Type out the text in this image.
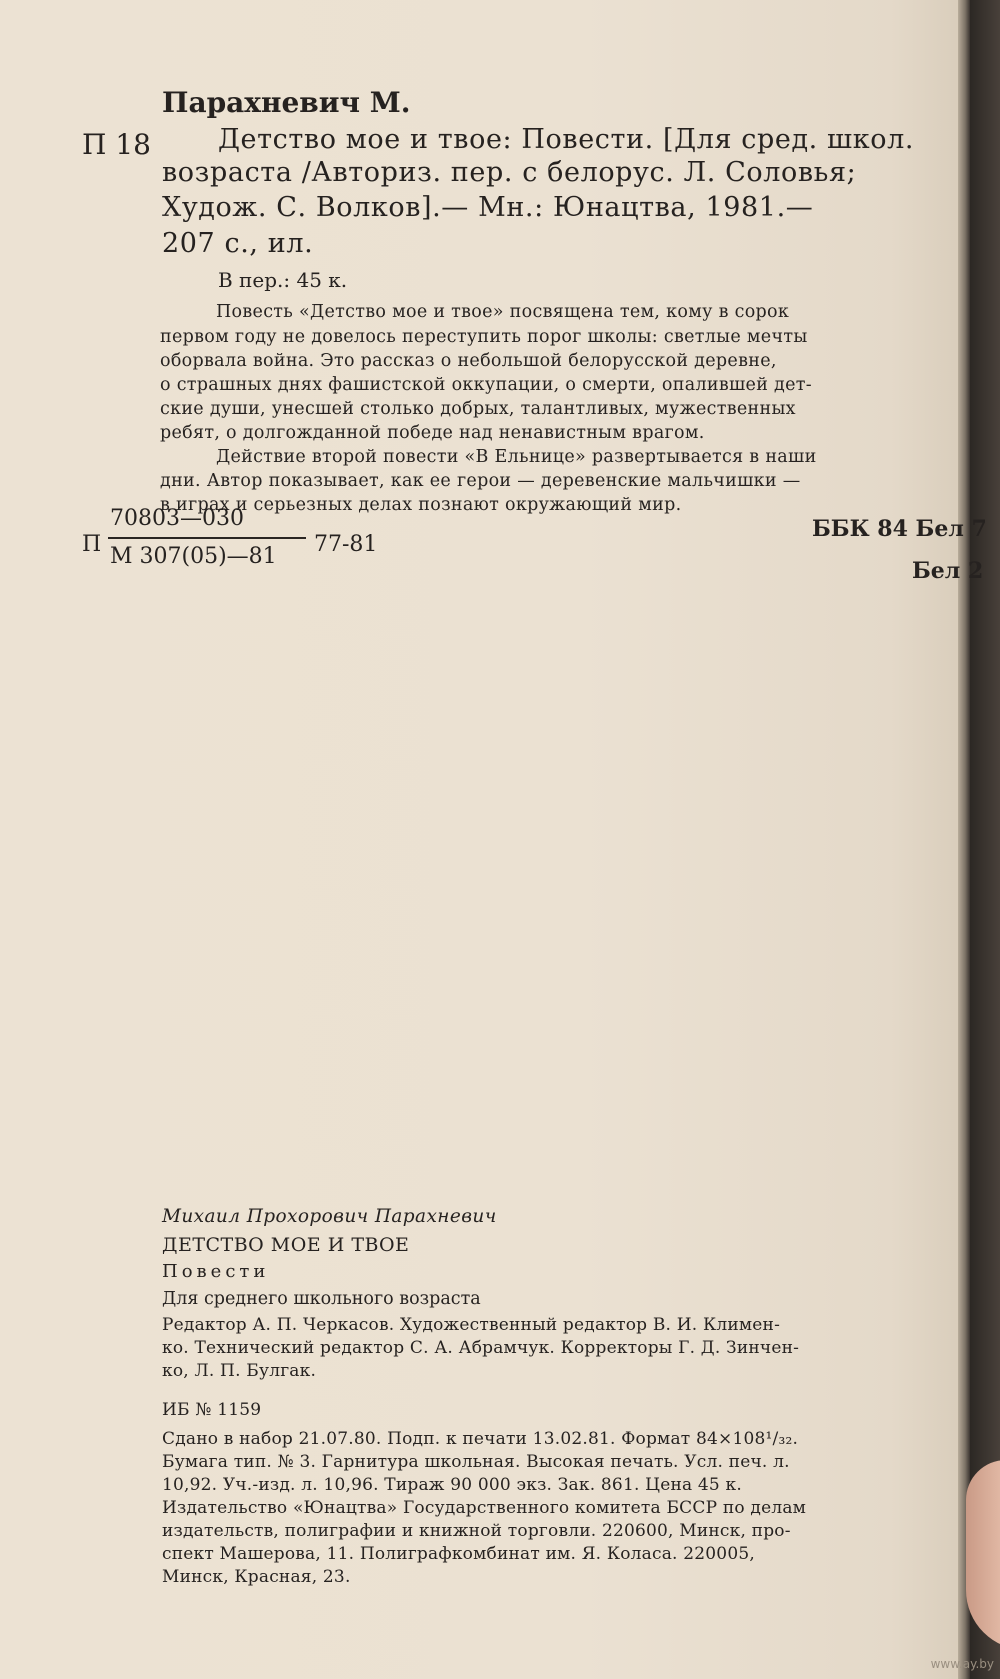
Парахневич М.
П 18 Детство мое и твое: Повести. [Для сред. школ.
возраста /Авториз. пер. с белорус. Л. Соловья;
Худож. С. Волков].— Мн.: Юнацтва, 1981.—
207 с., ил.
В пер.: 45 к.
Повесть «Детство мое и твое» посвящена тем, кому в сорок
первом году не довелось переступить порог школы: светлые мечты
оборвала война. Это рассказ о небольшой белорусской деревне,
о страшных днях фашистской оккупации, о смерти, опалившей дет-
ские души, унесшей столько добрых, талантливых, мужественных
ребят, о долгожданной победе над ненавистным врагом.
Действие второй повести «В Ельнице» развертывается в наши
дни. Автор показывает, как ее герои — деревенские мальчишки —
в играх и серьезных делах познают окружающий мир.
П
70803—030
М 307(05)—81 77-81
ББК 84 Бел 7
Бел 2
Михаил Прохорович Парахневич
ДЕТСТВО МОЕ И ТВОЕ
Повести
Для среднего школьного возраста
Редактор А. П. Черкасов. Художественный редактор В. И. Климен-
ко. Технический редактор С. А. Абрамчук. Корректоры Г. Д. Зинчен-
ко, Л. П. Булгак.
ИБ № 1159
Сдано в набор 21.07.80. Подп. к печати 13.02.81. Формат 84×108¹/₃₂.
Бумага тип. № 3. Гарнитура школьная. Высокая печать. Усл. печ. л.
10,92. Уч.-изд. л. 10,96. Тираж 90 000 экз. Зак. 861. Цена 45 к.
Издательство «Юнацтва» Государственного комитета БССР по делам
издательств, полиграфии и книжной торговли. 220600, Минск, про-
спект Машерова, 11. Полиграфкомбинат им. Я. Коласа. 220005,
Минск, Красная, 23.
www.ay.by
